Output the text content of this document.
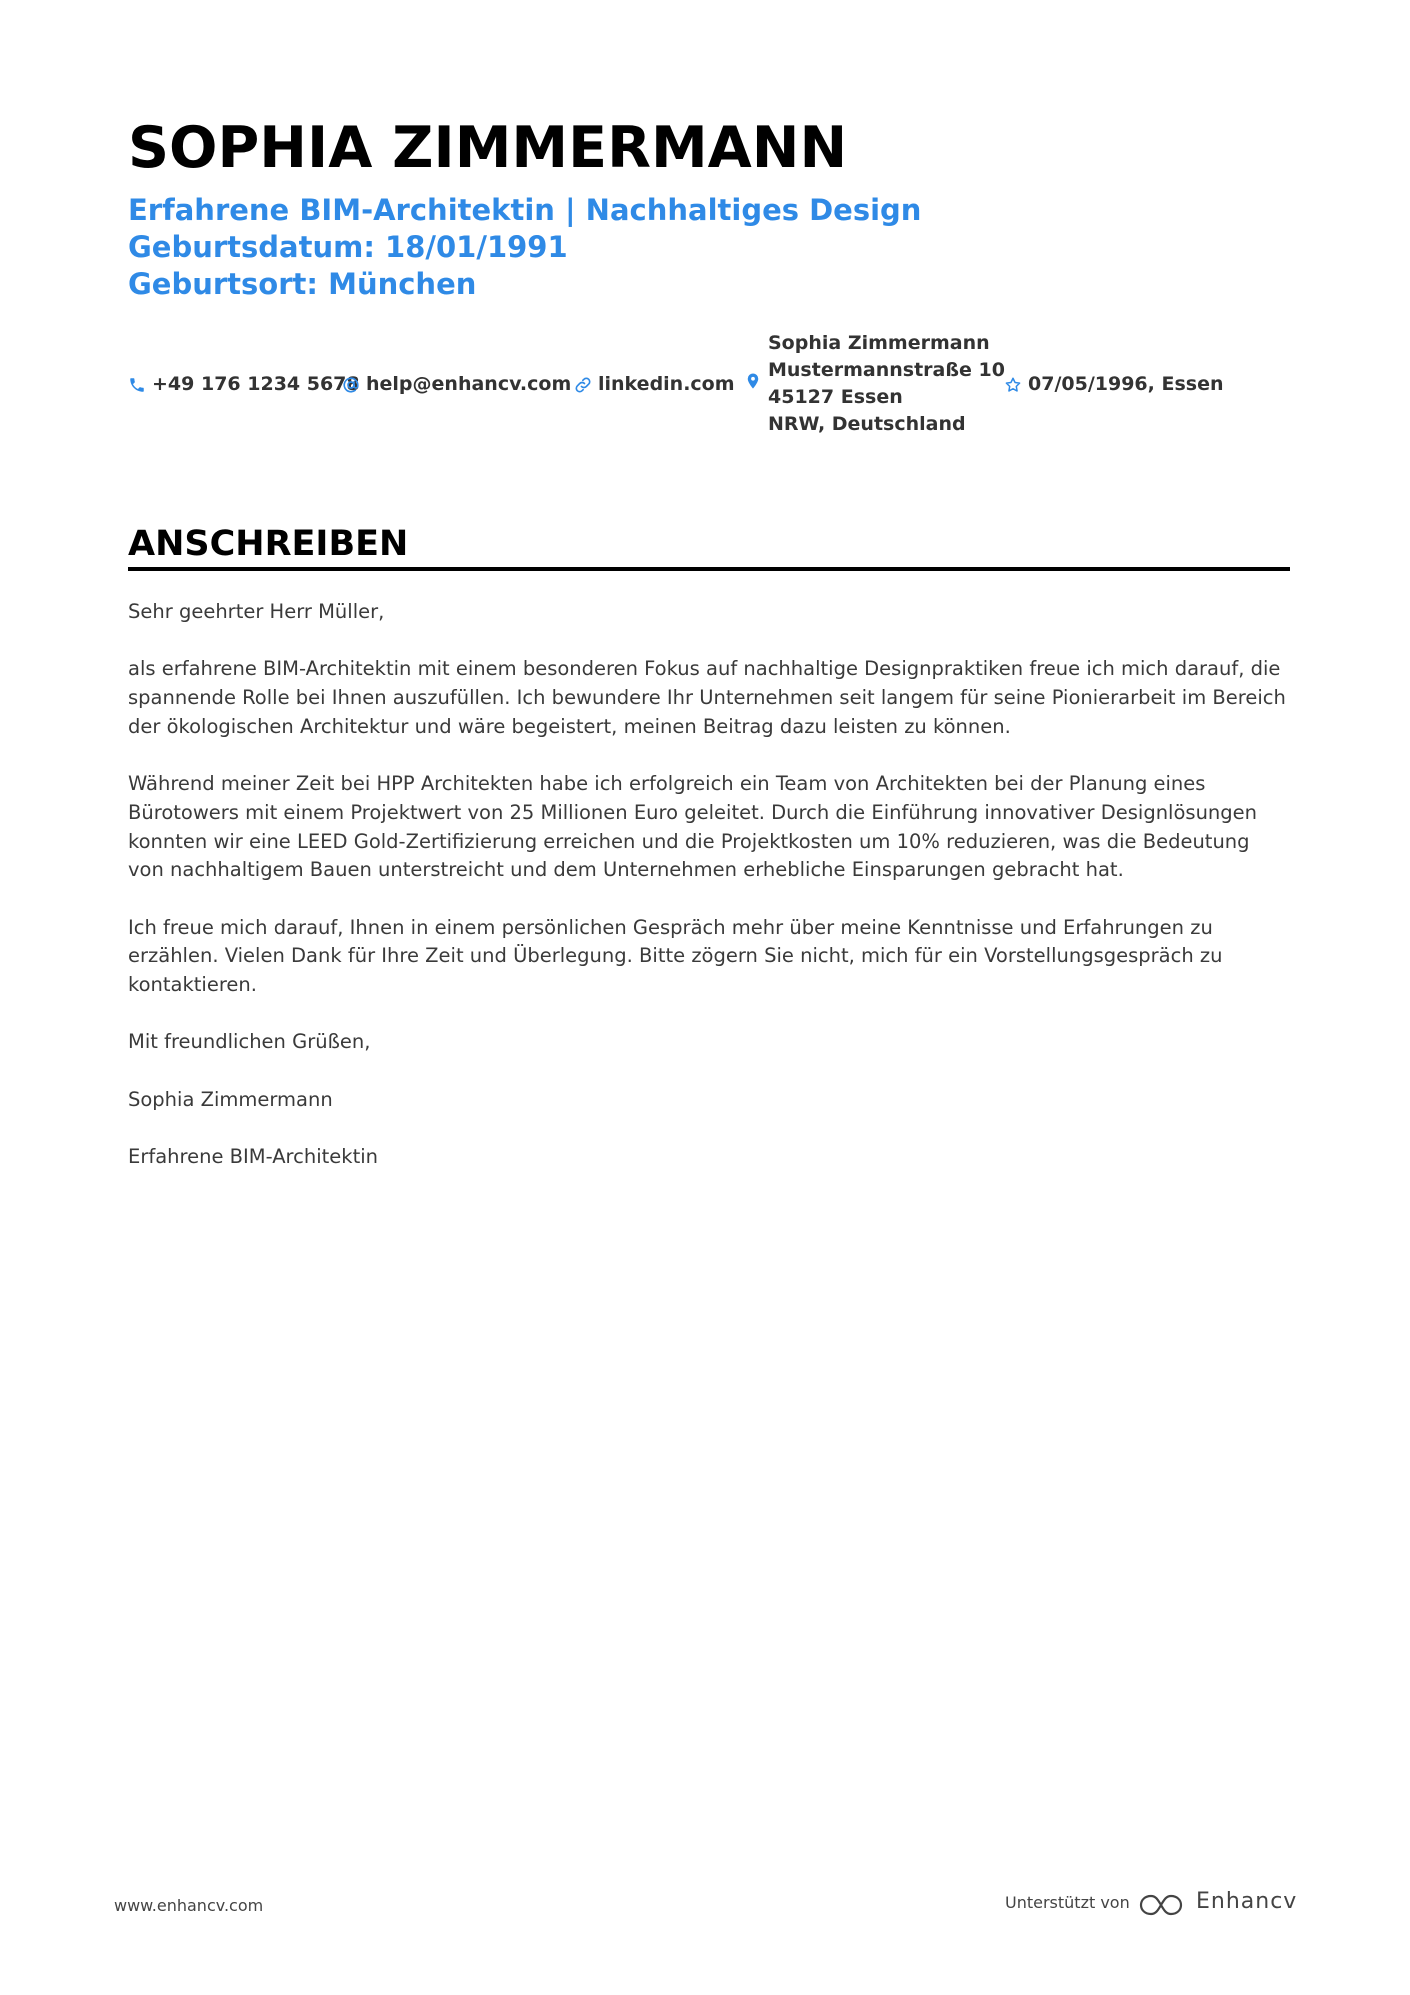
SOPHIA ZIMMERMANN
Erfahrene BIM-Architektin | Nachhaltiges Design
Geburtsdatum: 18/01/1991
Geburtsort: München
+49 176 1234 5678 help@enhancv.com	linkedin.com
Sophia Zimmermann
Mustermannstraße 10
45127 Essen
NRW, Deutschland
07/05/1996, Essen
ANSCHREIBEN

Sehr geehrter Herr Müller,

als erfahrene BIM-Architektin mit einem besonderen Fokus auf nachhaltige Designpraktiken freue ich mich darauf, die spannende Rolle bei Ihnen auszufüllen. Ich bewundere Ihr Unternehmen seit langem für seine Pionierarbeit im Bereich der ökologischen Architektur und wäre begeistert, meinen Beitrag dazu leisten zu können.

Während meiner Zeit bei HPP Architekten habe ich erfolgreich ein Team von Architekten bei der Planung eines Bürotowers mit einem Projektwert von 25 Millionen Euro geleitet. Durch die Einführung innovativer Designlösungen konnten wir eine LEED Gold-Zertifizierung erreichen und die Projektkosten um 10% reduzieren, was die Bedeutung von nachhaltigem Bauen unterstreicht und dem Unternehmen erhebliche Einsparungen gebracht hat.

Ich freue mich darauf, Ihnen in einem persönlichen Gespräch mehr über meine Kenntnisse und Erfahrungen zu erzählen. Vielen Dank für Ihre Zeit und Überlegung. Bitte zögern Sie nicht, mich für ein Vorstellungsgespräch zu kontaktieren.

Mit freundlichen Grüßen,

Sophia Zimmermann

Erfahrene BIM-Architektin

www.enhancv.com	Unterstützt von	Enhancv
